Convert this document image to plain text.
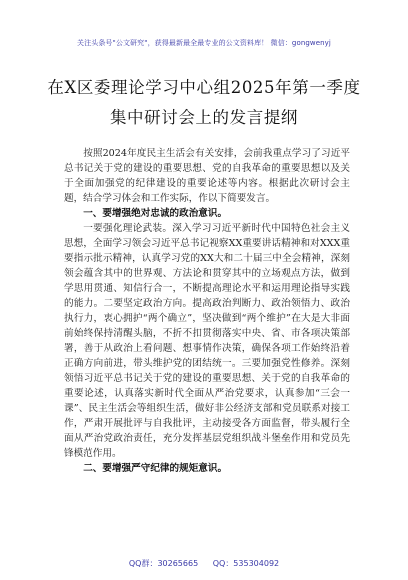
关注头条号"公文研究"，获得最新最全最专业的公文资料库！ 微信：gongwenyj
在X区委理论学习中心组2025年第一季度
集中研讨会上的发言提纲

按照2024年度民主生活会有关安排，会前我重点学习了习近平总书记关于党的建设的重要思想、党的自我革命的重要思想以及关于全面加强党的纪律建设的重要论述等内容。根据此次研讨会主题，结合学习体会和工作实际，作以下简要发言。

一、要增强绝对忠诚的政治意识。

一要强化理论武装。深入学习习近平新时代中国特色社会主义思想，全面学习领会习近平总书记视察XX重要讲话精神和对XXX重要指示批示精神，认真学习党的XX大和二十届三中全会精神，深刻领会蕴含其中的世界观、方法论和贯穿其中的立场观点方法，做到学思用贯通、知信行合一，不断提高理论水平和运用理论指导实践的能力。二要坚定政治方向。提高政治判断力、政治领悟力、政治执行力，衷心拥护“两个确立”，坚决做到“两个维护”在大是大非面前始终保持清醒头脑，不折不扣贯彻落实中央、省、市各项决策部署，善于从政治上看问题、想事情作决策，确保各项工作始终沿着正确方向前进，带头维护党的团结统一。三要加强党性修养。深刻领悟习近平总书记关于党的建设的重要思想、关于党的自我革命的重要论述，认真落实新时代全面从严治党要求，认真参加“三会一课”、民主生活会等组织生活，做好非公经济支部和党员联系对接工作，严肃开展批评与自我批评，主动接受各方面监督，带头履行全面从严治党政治责任，充分发挥基层党组织战斗堡垒作用和党员先锋模范作用。

二、要增强严守纪律的规矩意识。

QQ群：30265665 QQ：535304092
